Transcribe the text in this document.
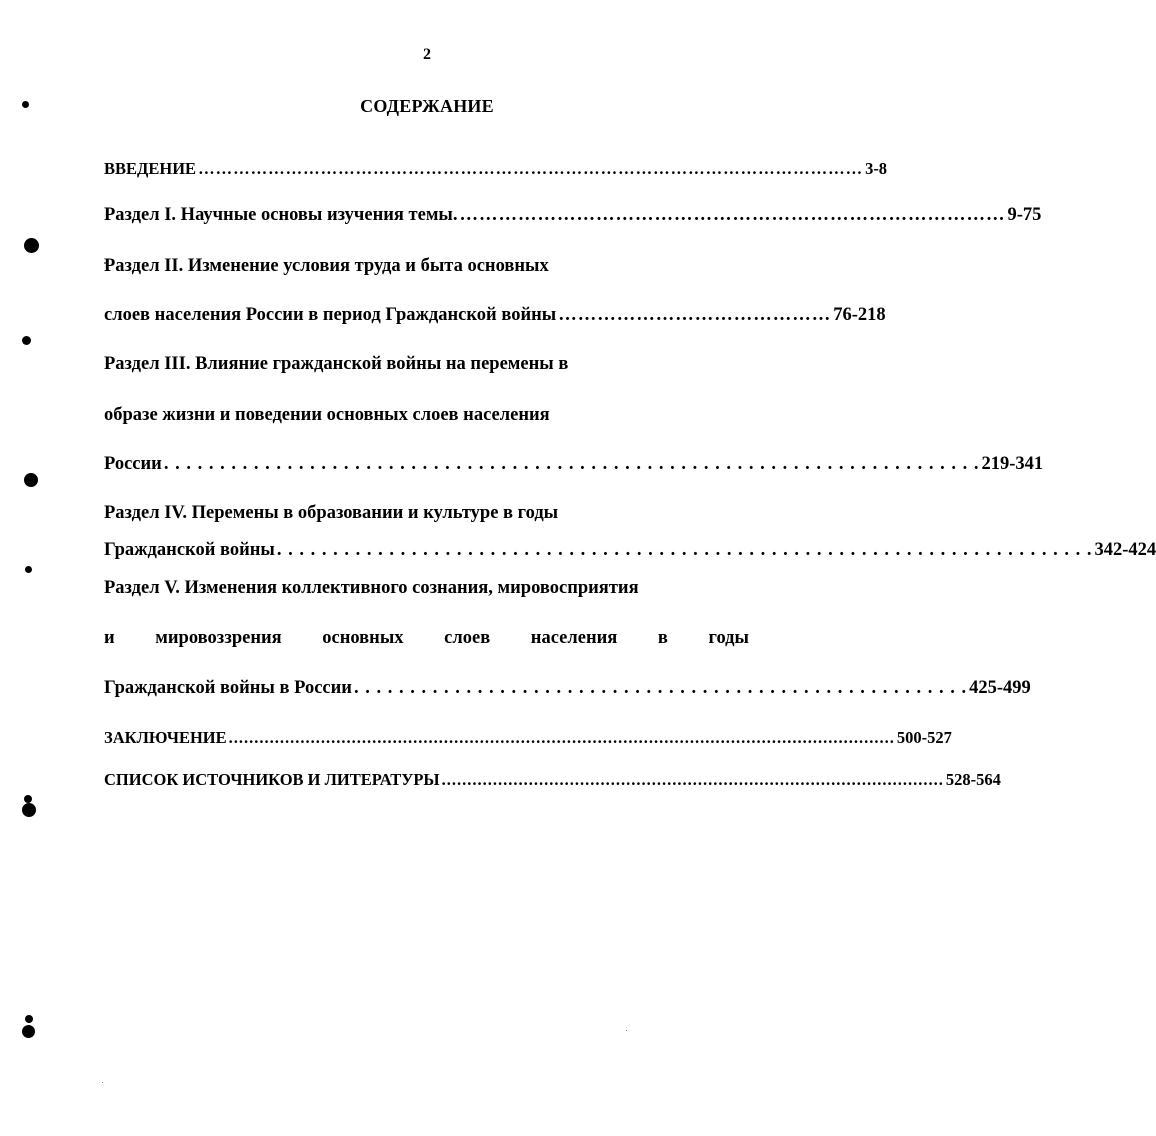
2
СОДЕРЖАНИЕ
ВВЕДЕНИЕ …………………………………………………………………………………………………… 3-8
Раздел I. Научные основы изучения темы. ………………………………………………………………………… 9-75
Раздел II. Изменение условия труда и быта основных
слоев населения России в период Гражданской войны …………………………………… 76-218
Раздел III. Влияние гражданской войны на перемены в
образе жизни и поведении основных слоев населения
России . . . . . . . . . . . . . . . . . . . . . . . . . . . . . . . . . . . . . . . . . . . . . . . . . . . . . . . . . . . . . . . . . . . . . . . . . 219-341
Раздел IV. Перемены в образовании и культуре в годы
Гражданской войны . . . . . . . . . . . . . . . . . . . . . . . . . . . . . . . . . . . . . . . . . . . . . . . . . . . . . . . . . . . . . . . . . . . . . . . . . 342-424
Раздел V. Изменения коллективного сознания, мировосприятия
и мировоззрения основных слоев населения в годы
Гражданской войны в России . . . . . . . . . . . . . . . . . . . . . . . . . . . . . . . . . . . . . . . . . . . . . . . . . . . . . . . 425-499
ЗАКЛЮЧЕНИЕ .................................................................................................................................. 500-527
СПИСОК ИСТОЧНИКОВ И ЛИТЕРАТУРЫ .................................................................................................. 528-564
